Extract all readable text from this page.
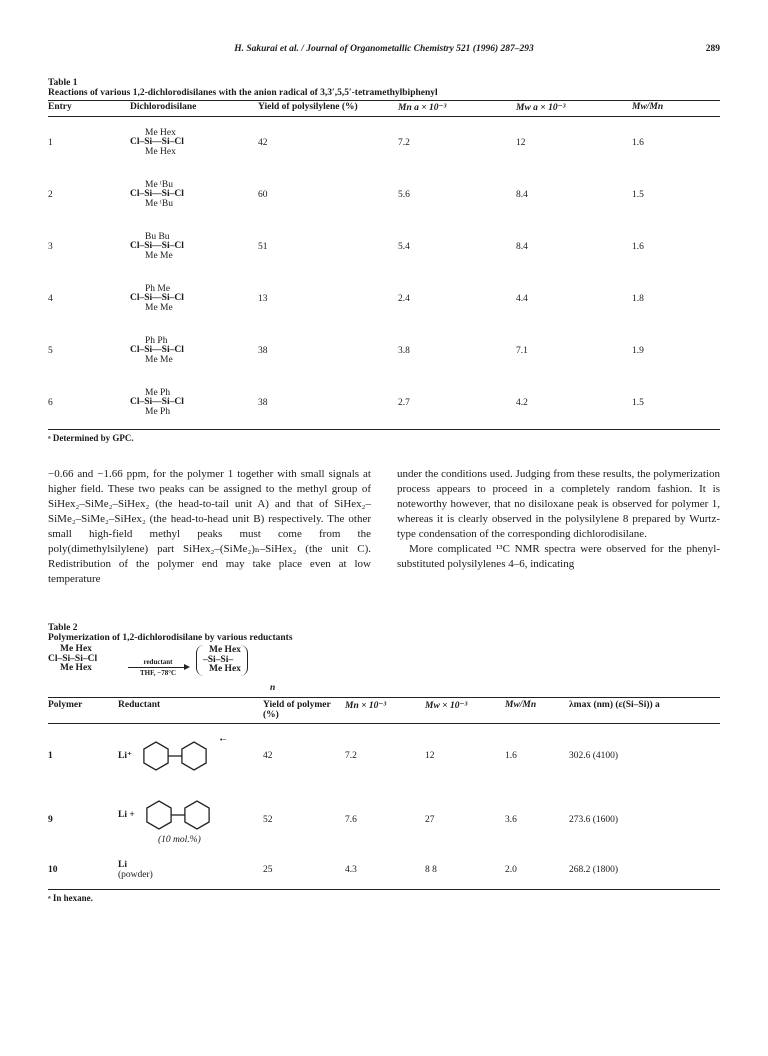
H. Sakurai et al. / Journal of Organometallic Chemistry 521 (1996) 287–293	289
Table 1
Reactions of various 1,2-dichlorodisilanes with the anion radical of 3,3′,5,5′-tetramethylbiphenyl
Entry	Dichlorodisilane	Yield of polysilylene (%)	Mn a × 10⁻³	Mw a × 10⁻³	Mw/Mn
1	Me Hex
Cl–Si—Si–Cl
Me Hex	42	7.2	12	1.6
2	Me ᵗBu
Cl–Si—Si–Cl
Me ᵗBu	60	5.6	8.4	1.5
3	Bu Bu
Cl–Si—Si–Cl
Me Me	51	5.4	8.4	1.6
4	Ph Me
Cl–Si—Si–Cl
Me Me	13	2.4	4.4	1.8
5	Ph Ph
Cl–Si—Si–Cl
Me Me	38	3.8	7.1	1.9
6	Me Ph
Cl–Si—Si–Cl
Me Ph	38	2.7	4.2	1.5
ᵃ Determined by GPC.

−0.66 and −1.66 ppm, for the polymer 1 together with small signals at higher field. These two peaks can be assigned to the methyl group of SiHex₂–SiMe₂–SiHex₂ (the head-to-tail unit A) and that of SiHex₂–SiMe₂–SiMe₂–SiHex₂ (the head-to-head unit B) respectively. The other small high-field methyl peaks must come from the poly(dimethylsilylene) part SiHex₂–(SiMe₂)ₙ–SiHex₂ (the unit C). Redistribution of the polymer end may take place even at low temperature

under the conditions used. Judging from these results, the polymerization process appears to proceed in a completely random fashion. It is noteworthy however, that no disiloxane peak is observed for polymer 1, whereas it is clearly observed in the polysilylene 8 prepared by Wurtz-type condensation of the corresponding dichlorodisilane.

More complicated ¹³C NMR spectra were observed for the phenyl-substituted polysilylenes 4–6, indicating

Table 2
Polymerization of 1,2-dichlorodisilane by various reductants
Me Hex
Cl–Si–Si–Cl
Me Hex
reductant
THF, −78°C
Me Hex
–Si–Si–
Me Hex
n
Polymer	Reductant	Yield of polymer (%)	Mn × 10⁻³	Mw × 10⁻³	Mw/Mn	λmax (nm) (ε(Si–Si)) a
1	Li⁺
•−	42	7.2	12	1.6	302.6 (4100)
9	Li +
(10 mol.%)	52	7.6	27	3.6	273.6 (1600)
10	Li
(powder)	25	4.3	8 8	2.0	268.2 (1800)
ᵃ In hexane.
